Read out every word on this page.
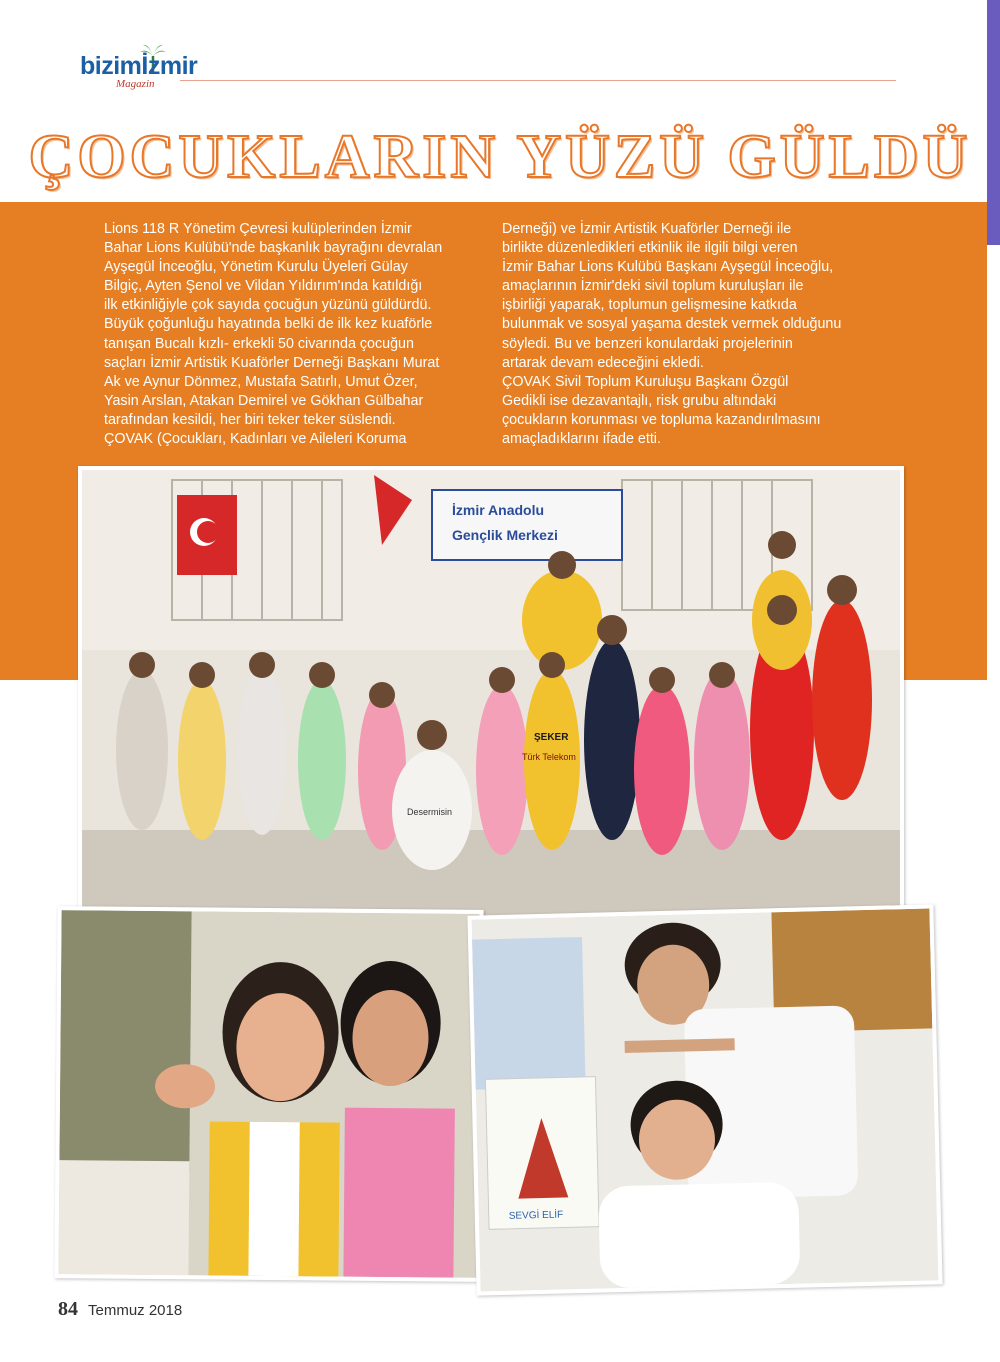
bizimİzmir
Magazin
ÇOCUKLARIN YÜZÜ GÜLDÜ

Lions 118 R Yönetim Çevresi kulüplerinden İzmir

Bahar Lions Kulübü'nde başkanlık bayrağını devralan

Ayşegül İnceoğlu, Yönetim Kurulu Üyeleri Gülay

Bilgiç, Ayten Şenol ve Vildan Yıldırım'ında katıldığı

ilk etkinliğiyle çok sayıda çocuğun yüzünü güldürdü.

Büyük çoğunluğu hayatında belki de ilk kez kuaförle

tanışan Bucalı kızlı- erkekli 50 civarında çocuğun

saçları İzmir Artistik Kuaförler Derneği Başkanı Murat

Ak ve Aynur Dönmez, Mustafa Satırlı, Umut Özer,

Yasin Arslan, Atakan Demirel ve Gökhan Gülbahar

tarafından kesildi, her biri teker teker süslendi.

ÇOVAK (Çocukları, Kadınları ve Aileleri Koruma

Derneği) ve İzmir Artistik Kuaförler Derneği ile

birlikte düzenledikleri etkinlik ile ilgili bilgi veren

İzmir Bahar Lions Kulübü Başkanı Ayşegül İnceoğlu,

amaçlarının İzmir'deki sivil toplum kuruluşları ile

işbirliği yaparak, toplumun gelişmesine katkıda

bulunmak ve sosyal yaşama destek vermek olduğunu

söyledi. Bu ve benzeri konulardaki projelerinin

artarak devam edeceğini ekledi.

ÇOVAK Sivil Toplum Kuruluşu Başkanı Özgül

Gedikli ise dezavantajlı, risk grubu altındaki

çocukların korunması ve topluma kazandırılmasını

amaçladıklarını ifade etti.

İzmir Anadolu
Gençlik Merkezi
ŞEKER
Türk Telekom
Desermisin
SEVGİ ELİF
84 Temmuz 2018
